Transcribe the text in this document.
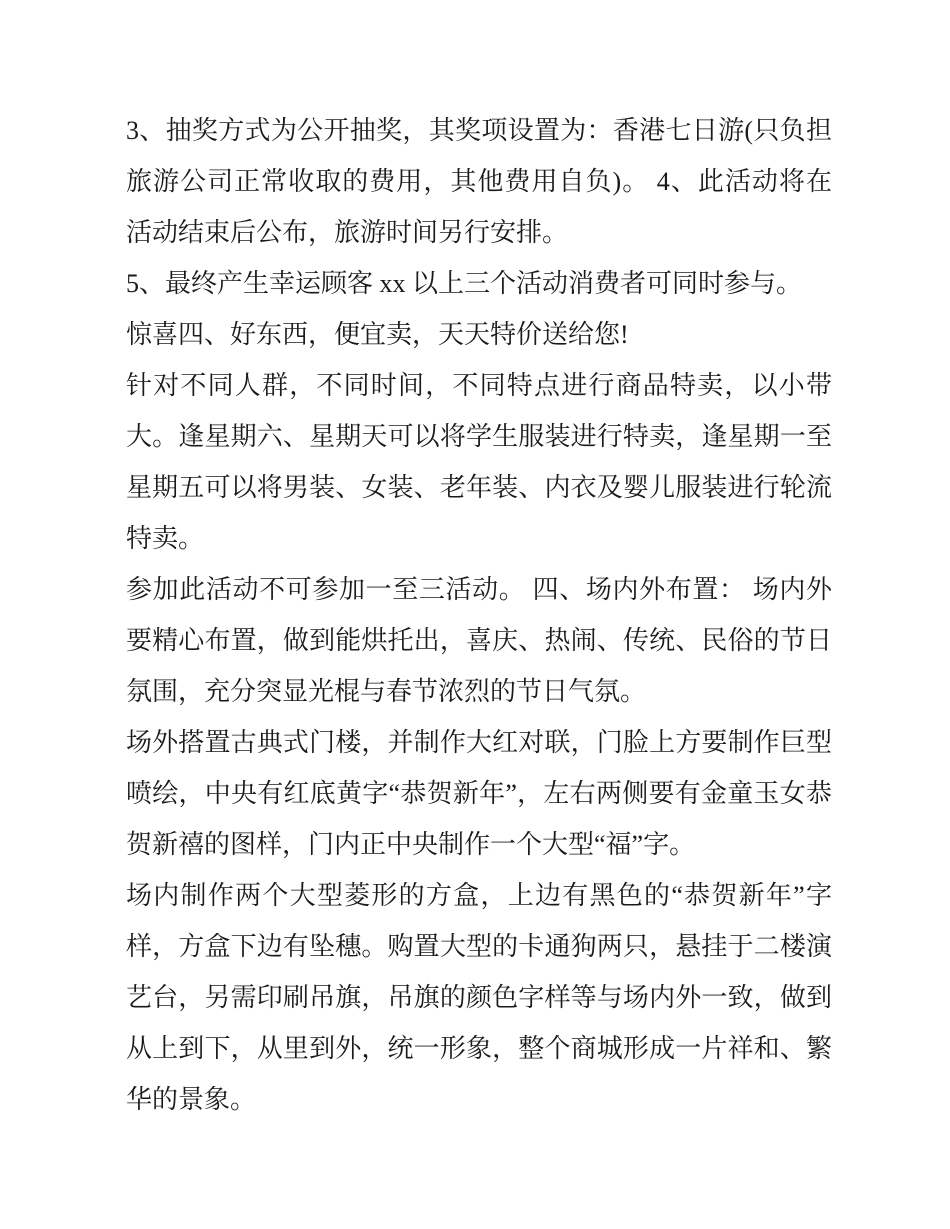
3、抽奖方式为公开抽奖，其奖项设置为：香港七日游(只负担
旅游公司正常收取的费用，其他费用自负)。 4、此活动将在
活动结束后公布，旅游时间另行安排。
5、最终产生幸运顾客 xx 以上三个活动消费者可同时参与。
惊喜四、好东西，便宜卖，天天特价送给您!
针对不同人群，不同时间，不同特点进行商品特卖，以小带
大。逢星期六、星期天可以将学生服装进行特卖，逢星期一至
星期五可以将男装、女装、老年装、内衣及婴儿服装进行轮流
特卖。
参加此活动不可参加一至三活动。 四、场内外布置： 场内外
要精心布置，做到能烘托出，喜庆、热闹、传统、民俗的节日
氛围，充分突显光棍与春节浓烈的节日气氛。
场外搭置古典式门楼，并制作大红对联，门脸上方要制作巨型
喷绘，中央有红底黄字“恭贺新年”，左右两侧要有金童玉女恭
贺新禧的图样，门内正中央制作一个大型“福”字。
场内制作两个大型菱形的方盒，上边有黑色的“恭贺新年”字
样，方盒下边有坠穗。购置大型的卡通狗两只，悬挂于二楼演
艺台，另需印刷吊旗，吊旗的颜色字样等与场内外一致，做到
从上到下，从里到外，统一形象，整个商城形成一片祥和、繁
华的景象。
